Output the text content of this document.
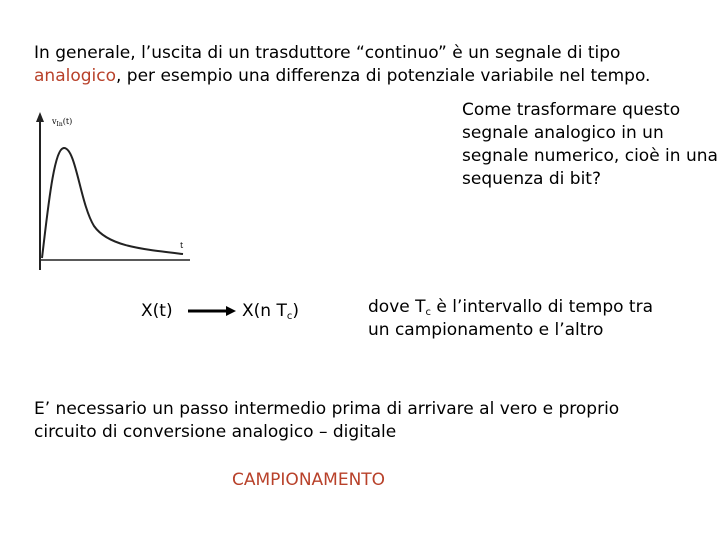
In generale, l’uscita di un trasduttore “continuo” è un segnale di tipo
analogico, per esempio una differenza di potenziale variabile nel tempo.
$v_{In}(t)$
t
Come trasformare questo
segnale analogico in un
segnale numerico, cioè in una
sequenza di bit?
X(t)	X(n $T_c$)	dove $T_c$ è l’intervallo di tempo tra
un campionamento e l’altro
E’ necessario un passo intermedio prima di arrivare al vero e proprio
circuito di conversione analogico – digitale
CAMPIONAMENTO
